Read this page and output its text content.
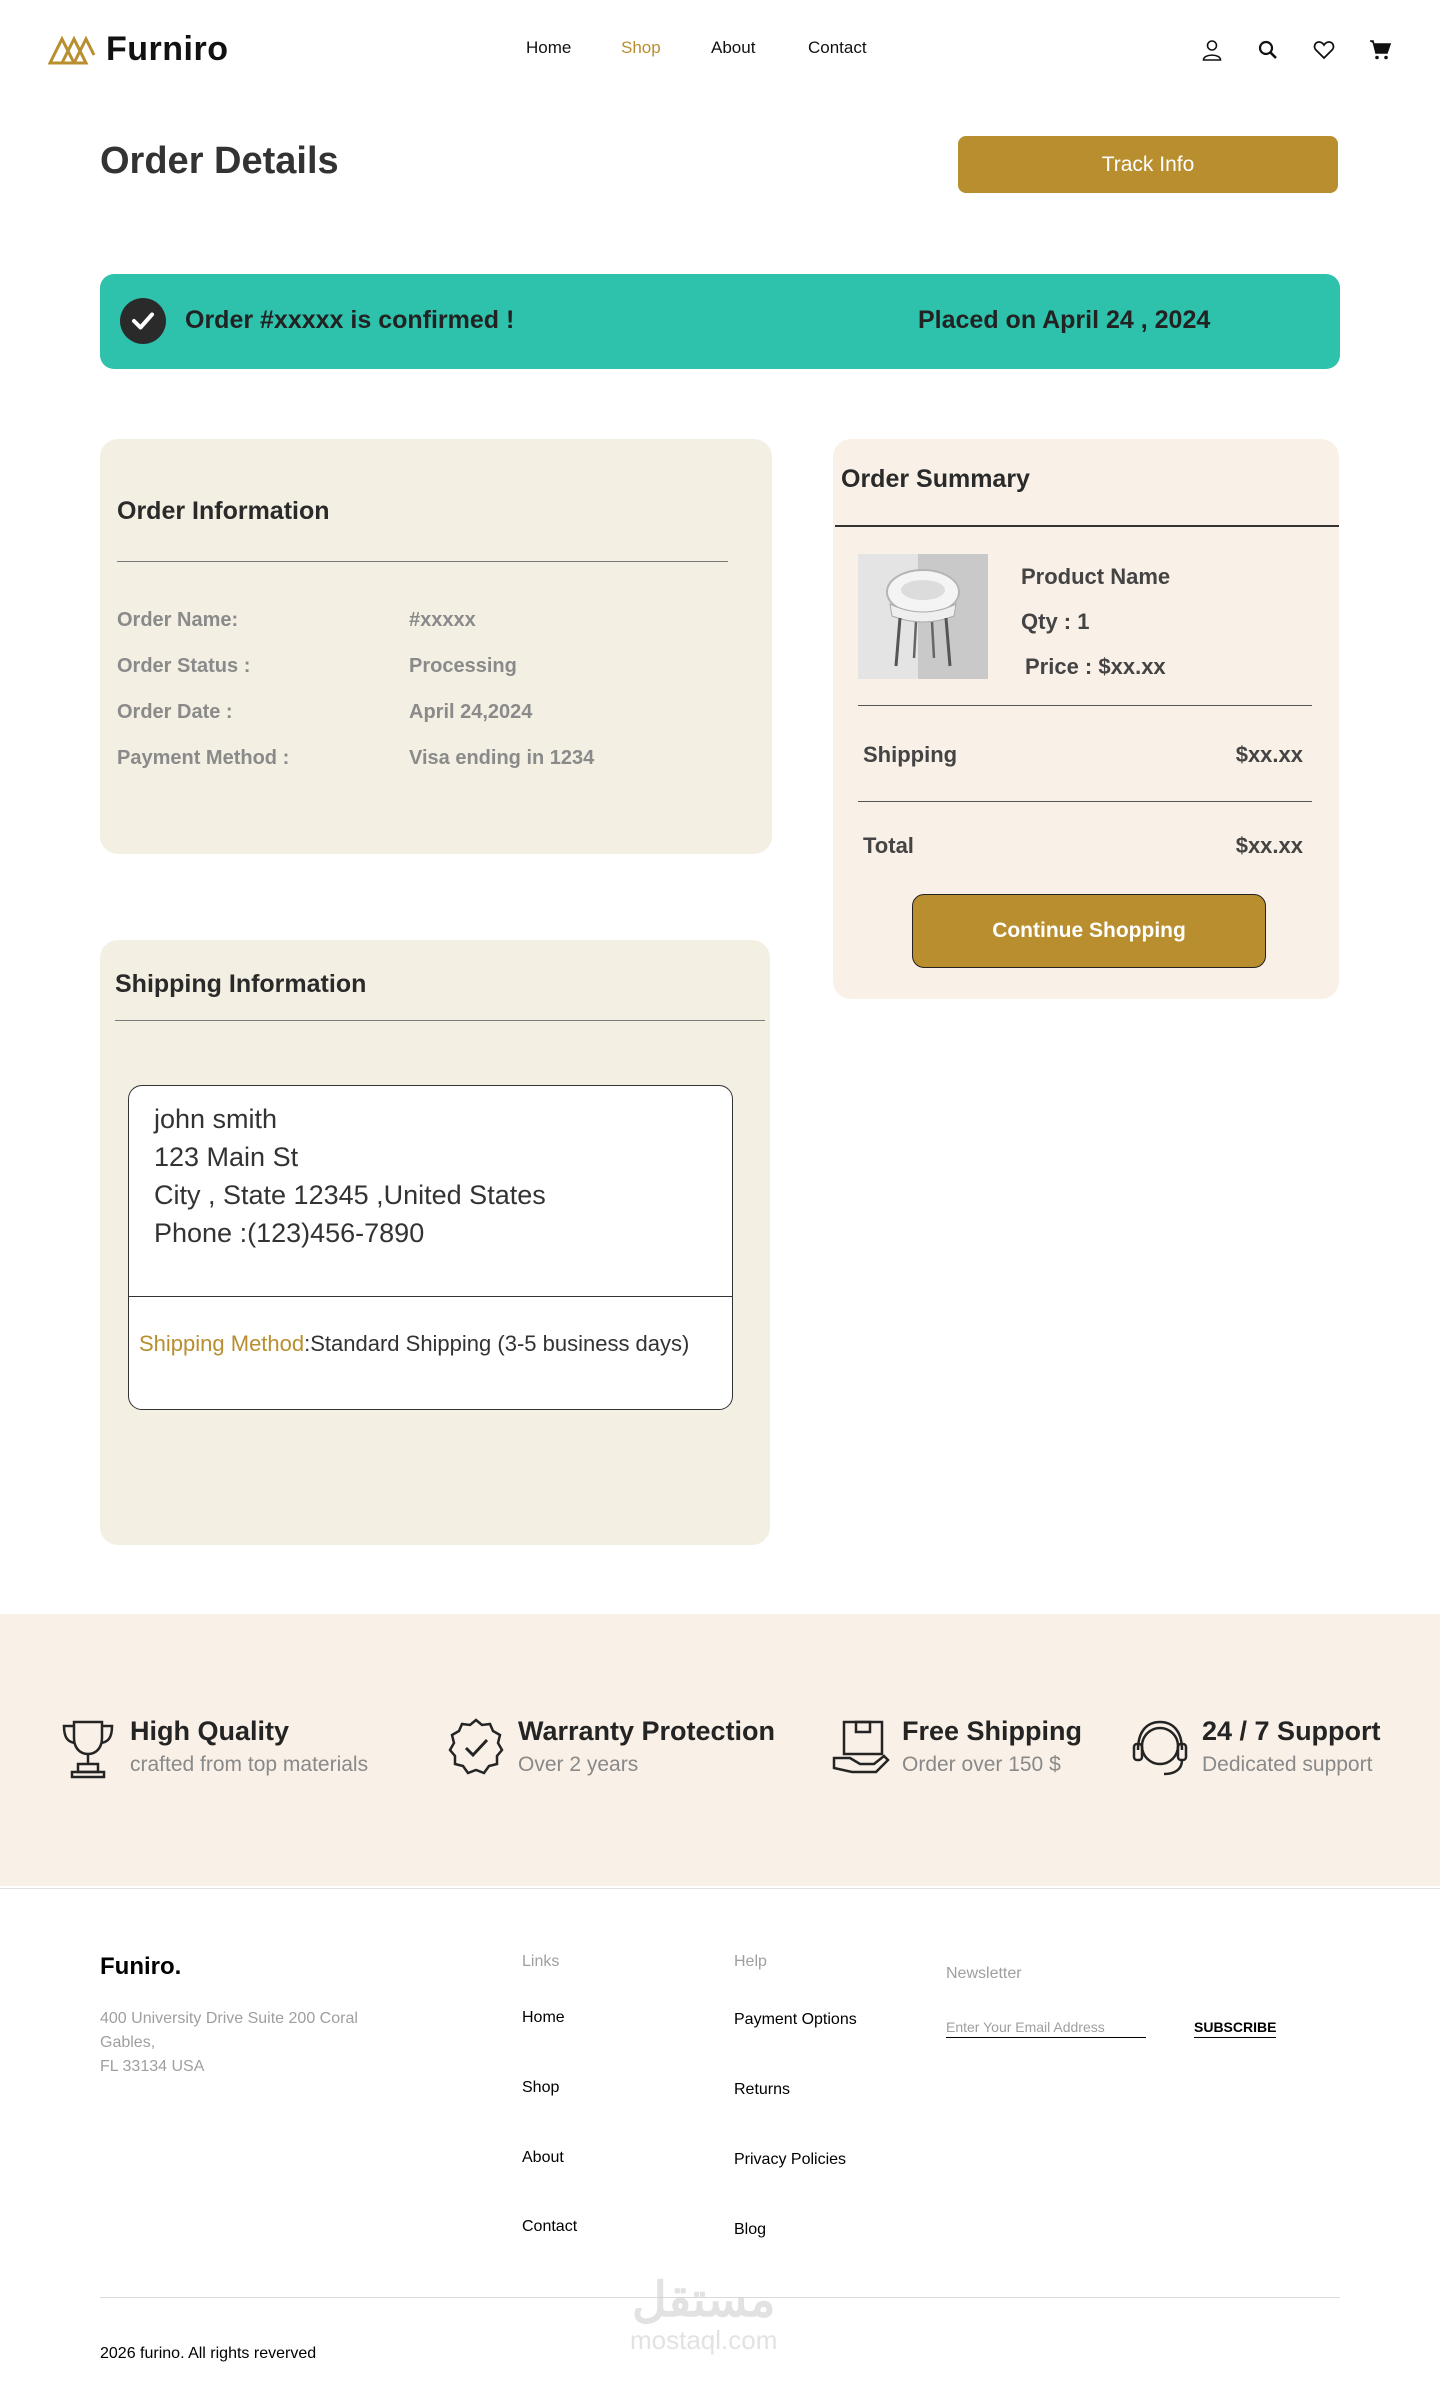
Furniro	Home	Shop	About	Contact
Order Details	Track Info
Order #xxxxx is confirmed !	Placed on April 24 , 2024
Order Information
Order Name:	#xxxxx
Order Status :	Processing
Order Date :	April 24,2024
Payment Method :	Visa ending in 1234
Shipping Information
john smith
123 Main St
City , State 12345 ,United States
Phone :(123)456-7890
Shipping Method:Standard Shipping (3-5 business days)
Order Summary
Product Name
Qty : 1
Price : $xx.xx
Shipping	$xx.xx
Total	$xx.xx
Continue Shopping
High Quality
crafted from top materials
Warranty Protection
Over 2 years
Free Shipping
Order over 150 $
24 / 7 Support
Dedicated support
Funiro.
400 University Drive Suite 200 Coral
Gables,
FL 33134 USA
Links
Home
Shop
About
Contact
Help
Payment Options
Returns
Privacy Policies
Blog
Newsletter
Enter Your Email Address
SUBSCRIBE
مستقل
mostaql.com
2026 furino. All rights reverved
